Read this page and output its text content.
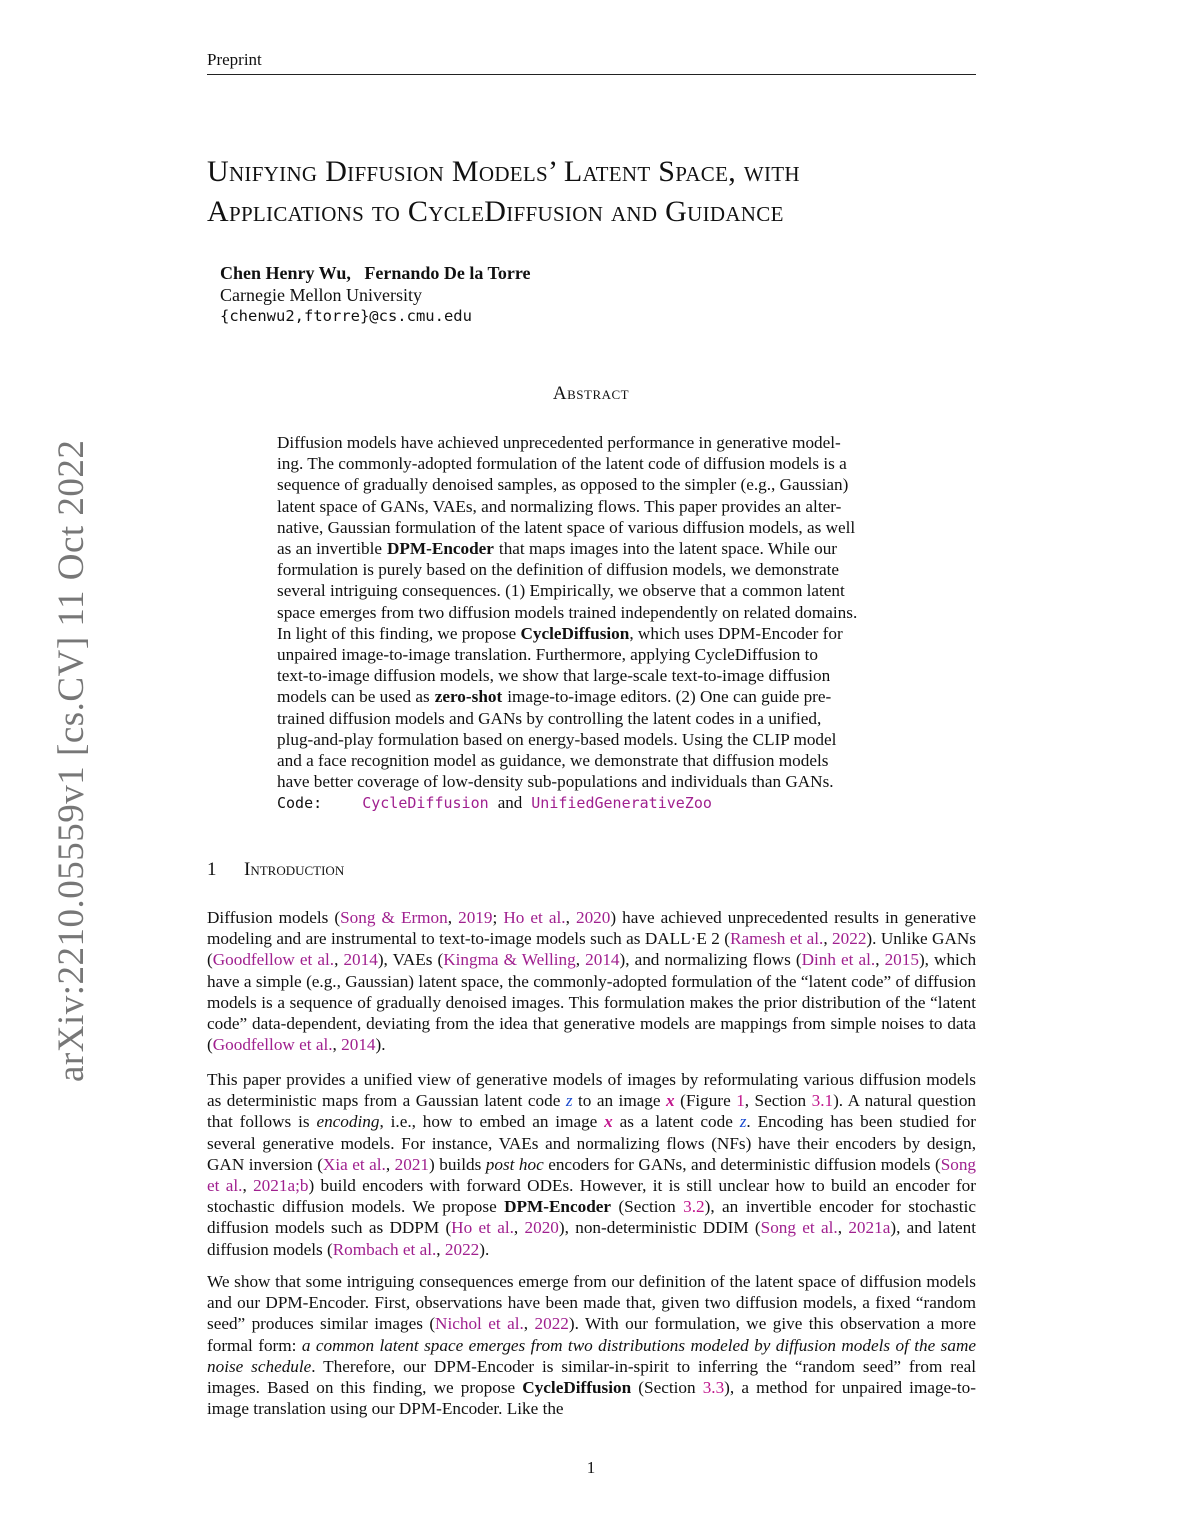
Preprint
arXiv:2210.05559v1 [cs.CV] 11 Oct 2022
Unifying Diffusion Models’ Latent Space, with
Applications to CycleDiffusion and Guidance
Chen Henry Wu,   Fernando De la Torre
Carnegie Mellon University
{chenwu2,ftorre}@cs.cmu.edu
Abstract
Diffusion models have achieved unprecedented performance in generative model-
ing. The commonly-adopted formulation of the latent code of diffusion models is a
sequence of gradually denoised samples, as opposed to the simpler (e.g., Gaussian)
latent space of GANs, VAEs, and normalizing flows. This paper provides an alter-
native, Gaussian formulation of the latent space of various diffusion models, as well
as an invertible DPM-Encoder that maps images into the latent space. While our
formulation is purely based on the definition of diffusion models, we demonstrate
several intriguing consequences. (1) Empirically, we observe that a common latent
space emerges from two diffusion models trained independently on related domains.
In light of this finding, we propose
CycleDiffusion , which uses DPM-Encoder for
unpaired image-to-image translation. Furthermore, applying CycleDiffusion to
text-to-image diffusion models, we show that large-scale text-to-image diffusion
models can be used as zero-shot image-to-image editors. (2) One can guide pre-
trained diffusion models and GANs by controlling the latent codes in a unified,
plug-and-play formulation based on energy-based models. Using the CLIP model
and a face recognition model as guidance, we demonstrate that diffusion models
have better coverage of low-density sub-populations and individuals than GANs.
Code:	CycleDiffusion and UnifiedGenerativeZoo
1 Introduction
Diffusion models (Song & Ermon, 2019; Ho et al., 2020) have achieved unprecedented results in generative modeling and are instrumental to text-to-image models such as DALL·E 2 (Ramesh et al., 2022). Unlike GANs (Goodfellow et al., 2014), VAEs (Kingma & Welling, 2014), and normalizing flows (Dinh et al., 2015), which have a simple (e.g., Gaussian) latent space, the commonly-adopted formulation of the “latent code” of diffusion models is a sequence of gradually denoised images. This formulation makes the prior distribution of the “latent code” data-dependent, deviating from the idea that generative models are mappings from simple noises to data (Goodfellow et al., 2014).
This paper provides a unified view of generative models of images by reformulating various diffusion models as deterministic maps from a Gaussian latent code z to an image x (Figure 1, Section 3.1). A natural question that follows is encoding, i.e., how to embed an image x as a latent code z. Encoding has been studied for several generative models. For instance, VAEs and normalizing flows (NFs) have their encoders by design, GAN inversion (Xia et al., 2021) builds post hoc encoders for GANs, and deterministic diffusion models (Song et al., 2021a;b) build encoders with forward ODEs. However, it is still unclear how to build an encoder for stochastic diffusion models. We propose DPM-Encoder (Section 3.2), an invertible encoder for stochastic diffusion models such as DDPM (Ho et al., 2020), non-deterministic DDIM (Song et al., 2021a), and latent diffusion models (Rombach et al., 2022).
We show that some intriguing consequences emerge from our definition of the latent space of diffusion models and our DPM-Encoder. First, observations have been made that, given two diffusion models, a fixed “random seed” produces similar images (Nichol et al., 2022). With our formulation, we give this observation a more formal form: a common latent space emerges from two distributions modeled by diffusion models of the same noise schedule. Therefore, our DPM-Encoder is similar-in-spirit to inferring the “random seed” from real images. Based on this finding, we propose CycleDiffusion (Section 3.3), a method for unpaired image-to-image translation using our DPM-Encoder. Like the
1
